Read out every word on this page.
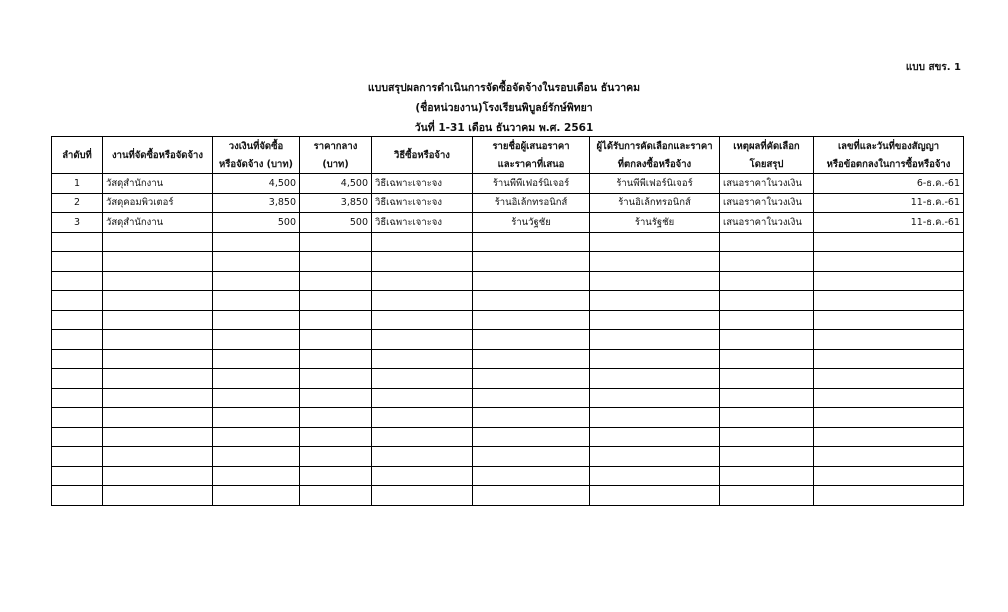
แบบ สขร. 1
แบบสรุปผลการดำเนินการจัดซื้อจัดจ้างในรอบเดือน ธันวาคม
(ชื่อหน่วยงาน)โรงเรียนพิบูลย์รักษ์พิทยา
วันที่ 1-31 เดือน ธันวาคม พ.ศ. 2561
ลำดับที่	งานที่จัดซื้อหรือจัดจ้าง	วงเงินที่จัดซื้อ	ราคากลาง	วิธีซื้อหรือจ้าง	รายชื่อผู้เสนอราคา	ผู้ได้รับการคัดเลือกและราคา	เหตุผลที่คัดเลือก	เลขที่และวันที่ของสัญญา
		หรือจัดจ้าง (บาท)	(บาท)		และราคาที่เสนอ	ที่ตกลงซื้อหรือจ้าง	โดยสรุป	หรือข้อตกลงในการซื้อหรือจ้าง
1	วัสดุสำนักงาน	4,500	4,500	วิธีเฉพาะเจาะจง	ร้านพีพีเฟอร์นิเจอร์	ร้านพีพีเฟอร์นิเจอร์	เสนอราคาในวงเงิน	6-ธ.ค.-61
2	วัสดุคอมพิวเตอร์	3,850	3,850	วิธีเฉพาะเจาะจง	ร้านอิเล้กทรอนิกส์	ร้านอิเล้กทรอนิกส์	เสนอราคาในวงเงิน	11-ธ.ค.-61
3	วัสดุสำนักงาน	500	500	วิธีเฉพาะเจาะจง	ร้านวัฐชัย	ร้านรัฐชัย	เสนอราคาในวงเงิน	11-ธ.ค.-61
